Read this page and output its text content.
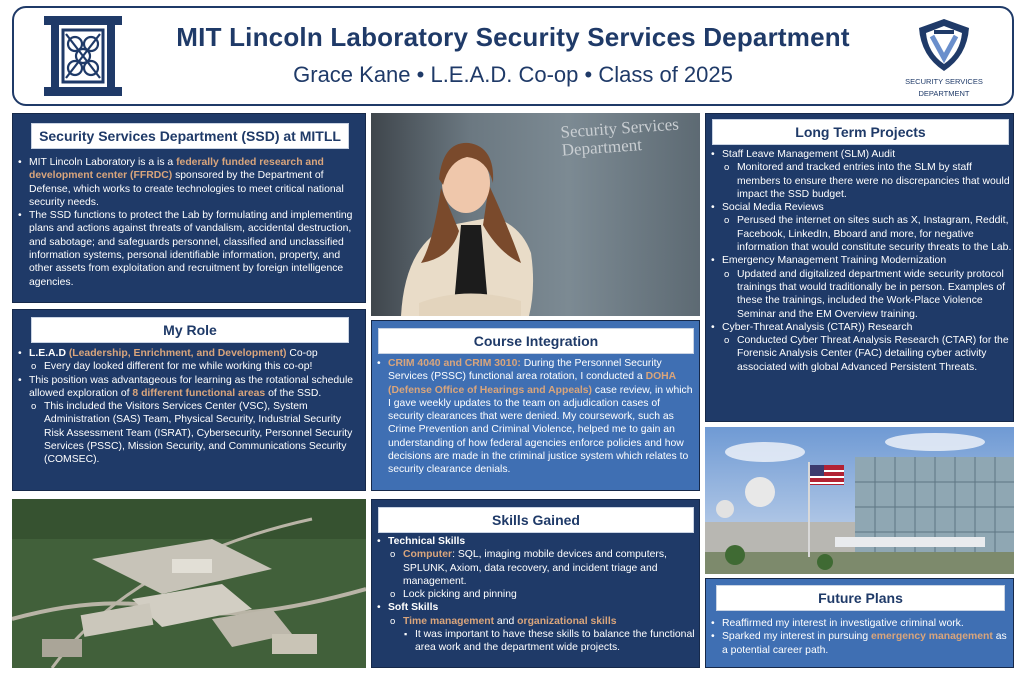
MIT Lincoln Laboratory Security Services Department
Grace Kane • L.E.A.D. Co-op • Class of 2025	SECURITY SERVICES
DEPARTMENT
Security Services Department (SSD) at MITLL
• MIT Lincoln Laboratory is a is a federally funded research and development center (FFRDC) sponsored by the Department of Defense, which works to create technologies to meet critical national security needs.
• The SSD functions to protect the Lab by formulating and implementing plans and actions against threats of vandalism, accidental destruction, and sabotage; and safeguards personnel, classified and unclassified information systems, personal identifiable information, property, and other assets from exploitation and recruitment by foreign intelligence agencies.
Security Services Department
My Role
• L.E.A.D (Leadership, Enrichment, and Development) Co-op
o Every day looked different for me while working this co-op!
• This position was advantageous for learning as the rotational schedule allowed exploration of 8 different functional areas of the SSD.
o This included the Visitors Services Center (VSC), System Administration (SAS) Team, Physical Security, Industrial Security Risk Assessment Team (ISRAT), Cybersecurity, Personnel Security Services (PSSC), Mission Security, and Communications Security (COMSEC).
Course Integration
• CRIM 4040 and CRIM 3010: During the Personnel Security Services (PSSC) functional area rotation, I conducted a DOHA (Defense Office of Hearings and Appeals) case review, in which I gave weekly updates to the team on adjudication cases of security clearances that were denied. My coursework, such as Crime Prevention and Criminal Violence, helped me to gain an understanding of how federal agencies enforce policies and how decisions are made in the criminal justice system which relates to security clearance denials.
Skills Gained
• Technical Skills
o Computer: SQL, imaging mobile devices and computers, SPLUNK, Axiom, data recovery, and incident triage and management.
o Lock picking and pinning
• Soft Skills
o Time management and organizational skills
▪ It was important to have these skills to balance the functional area work and the department wide projects.
Long Term Projects
• Staff Leave Management (SLM) Audit
o Monitored and tracked entries into the SLM by staff members to ensure there were no discrepancies that would impact the SSD budget.
• Social Media Reviews
o Perused the internet on sites such as X, Instagram, Reddit, Facebook, LinkedIn, Bboard and more, for negative information that would constitute security threats to the Lab.
• Emergency Management Training Modernization
o Updated and digitalized department wide security protocol trainings that would traditionally be in person. Examples of these the trainings, included the Work-Place Violence Seminar and the EM Overview training.
• Cyber-Threat Analysis (CTAR)) Research
o Conducted Cyber Threat Analysis Research (CTAR) for the Forensic Analysis Center (FAC) detailing cyber activity associated with global Advanced Persistent Threats.
Future Plans
• Reaffirmed my interest in investigative criminal work.
• Sparked my interest in pursuing emergency management as a potential career path.
